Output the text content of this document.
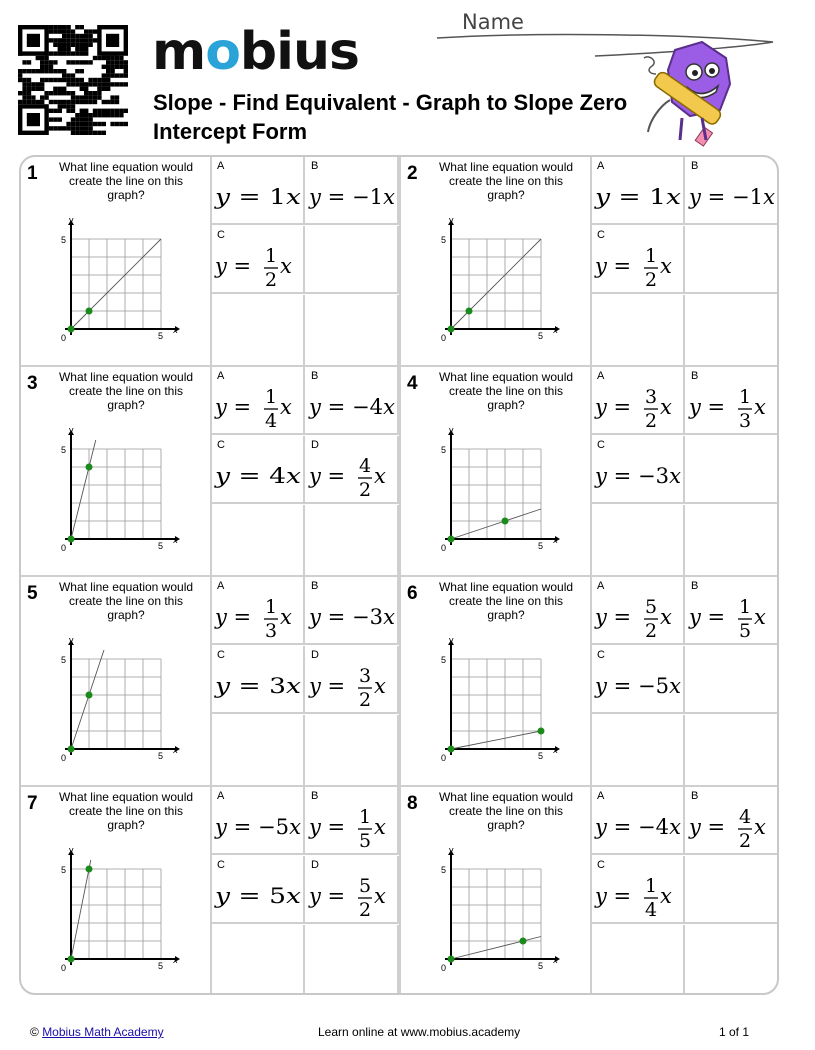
mobius
Slope - Find Equivalent - Graph to Slope Zero Intercept Form
Name
1 What line equation would create the line on this graph?
0	5
5
x
y
A
y = 1 x
B
y = −1x
C
y = 1
2
x
2 What line equation would create the line on this graph?
0	5
5
x
y
A
y = 1 x
B
y = −1x
C
y = 1
2
x
3 What line equation would create the line on this graph?
0	5
5
x
y
A
y = 1
4
x
B
y = −4x
C
y = 4 x
D
y = 4
2
x
4 What line equation would create the line on this graph?
0	5
5
x
y
A
y = 3
2
x
B
y = 1
3
x
C
y = −3x
5 What line equation would create the line on this graph?
0	5
5
x
y
A
y = 1
3
x
B
y = −3x
C
y = 3 x
D
y = 3
2
x
6 What line equation would create the line on this graph?
0	5
5
x
y
A
y = 5
2
x
B
y = 1
5
x
C
y = −5x
7 What line equation would create the line on this graph?
0	5
5
x
y
A
y = −5x
B
y = 1
5
x
C
y = 5 x
D
y = 5
2
x
8 What line equation would create the line on this graph?
0	5
5
x
y
A
y = −4x
B
y = 4
2
x
C
y = 1
4
x
© Mobius Math Academy	Learn online at www.mobius.academy	1 of 1
